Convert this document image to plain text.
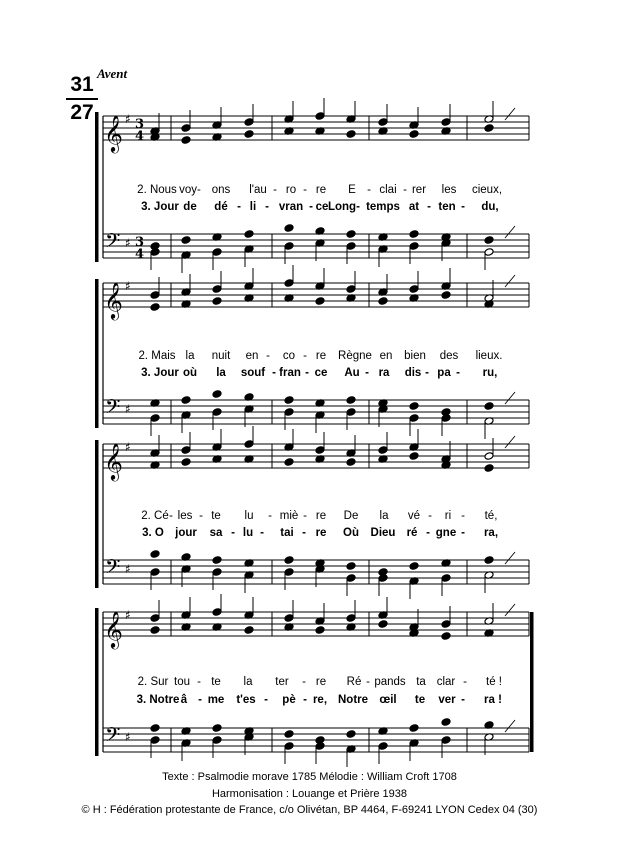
Avent
31
27
𝄞 ♯ 3
4
𝄢 ♯ 3
4
𝄞 ♯
𝄢 ♯
𝄞 ♯
𝄢 ♯
𝄞 ♯
𝄢 ♯
2. Nous voy- ons l'au - ro - re E - clai - rer les cieux,
3. Jour de dé - li - vran - ce Long - temps at - ten - du,
2. Mais la nuit en - co - re Règne en bien des lieux.
3. Jour où la souf - fran - ce Au - ra dis - pa - ru,
2. Cé - les - te lu - miè - re De la vé - ri - té,
3. O jour sa - lu - tai - re Où Dieu ré - gne - ra,
2. Sur tou - te la ter - re Ré - pands ta clar - té !
3. Notre â - me t'es - pè - re, Notre œil te ver - ra !
Texte : Psalmodie morave 1785 Mélodie : William Croft 1708
Harmonisation : Louange et Prière 1938
© H : Fédération protestante de France, c/o Olivétan, BP 4464, F-69241 LYON Cedex 04 (30)
